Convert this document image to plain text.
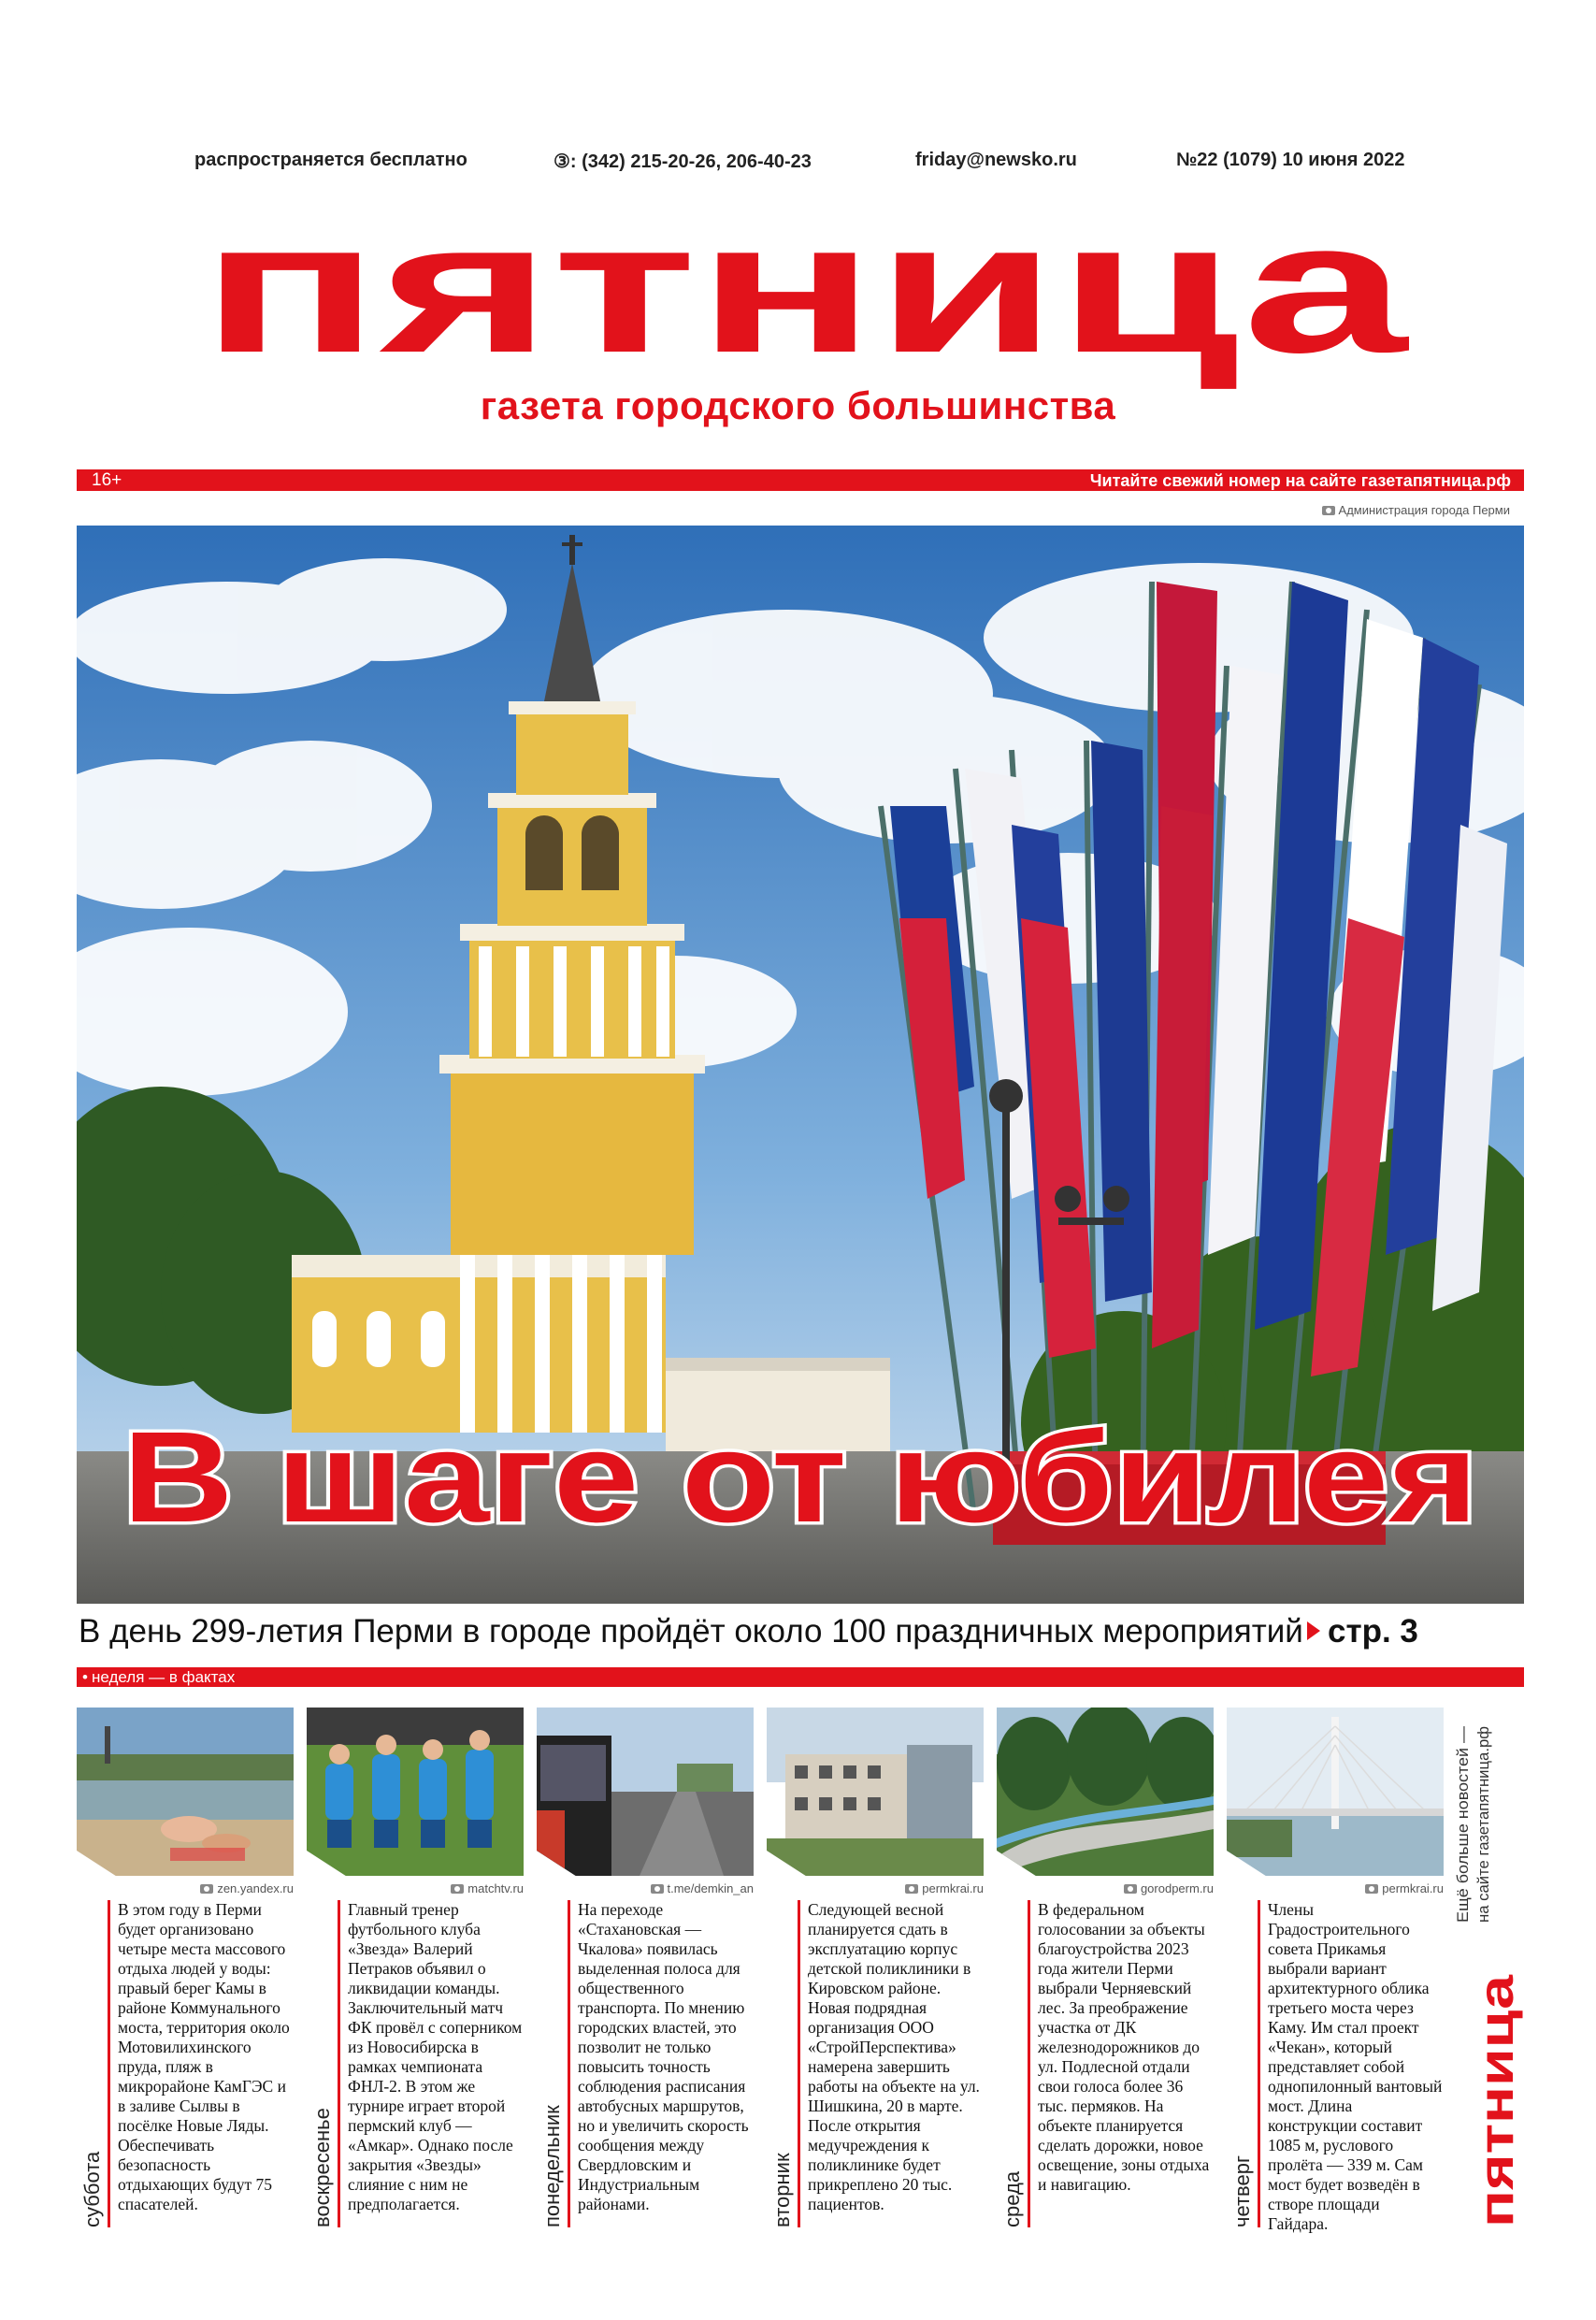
распространяется бесплатно	③: (342) 215-20-26, 206-40-23	friday@newsko.ru	№22 (1079) 10 июня 2022
пятница
газета городского большинства
16+	Читайте свежий номер на сайте газетапятница.рф
Администрация города Перми
В шаге от юбилея
В день 299-летия Перми в городе пройдёт около 100 праздничных мероприятий стр. 3
• неделя — в фактах
zen.yandex.ru
суббота
В этом году в Перми будет организовано четыре места массового отдыха людей у воды: правый берег Камы в районе Коммунального моста, территория около Мотовилихинского пруда, пляж в микрорайоне КамГЭС и в заливе Сылвы в посёлке Новые Ляды. Обеспечивать безопасность отдыхающих будут 75 спасателей.
matchtv.ru
воскресенье
Главный тренер футбольного клуба «Звезда» Валерий Петраков объявил о ликвидации команды. Заключительный матч ФК провёл с соперником из Новосибирска в рамках чемпионата ФНЛ-2. В этом же турнире играет второй пермский клуб — «Амкар». Однако после закрытия «Звезды» слияние с ним не предполагается.
t.me/demkin_an
понедельник
На переходе «Стахановская — Чкалова» появилась выделенная полоса для общественного транспорта. По мнению городских властей, это позволит не только повысить точность соблюдения расписания автобусных маршрутов, но и увеличить скорость сообщения между Свердловским и Индустриальным районами.
permkrai.ru
вторник
Следующей весной планируется сдать в эксплуатацию корпус детской поликлиники в Кировском районе. Новая подрядная организация ООО «СтройПерспектива» намерена завершить работы на объекте на ул. Шишкина, 20 в марте. После открытия медучреждения к поликлинике будет прикреплено 20 тыс. пациентов.
gorodperm.ru
среда
В федеральном голосовании за объекты благоустройства 2023 года жители Перми выбрали Черняевский лес. За преображение участка от ДК железнодорожников до ул. Подлесной отдали свои голоса более 36 тыс. пермяков. На объекте планируется сделать дорожки, новое освещение, зоны отдыха и навигацию.
permkrai.ru
четверг
Члены Градостроительного совета Прикамья выбрали вариант архитектурного облика третьего моста через Каму. Им стал проект «Чекан», который представляет собой однопилонный вантовый мост. Длина конструкции составит 1085 м, руслового пролёта — 339 м. Сам мост будет возведён в створе площади Гайдара.
Ещё больше новостей — на сайте газетапятница.рф
пятница
